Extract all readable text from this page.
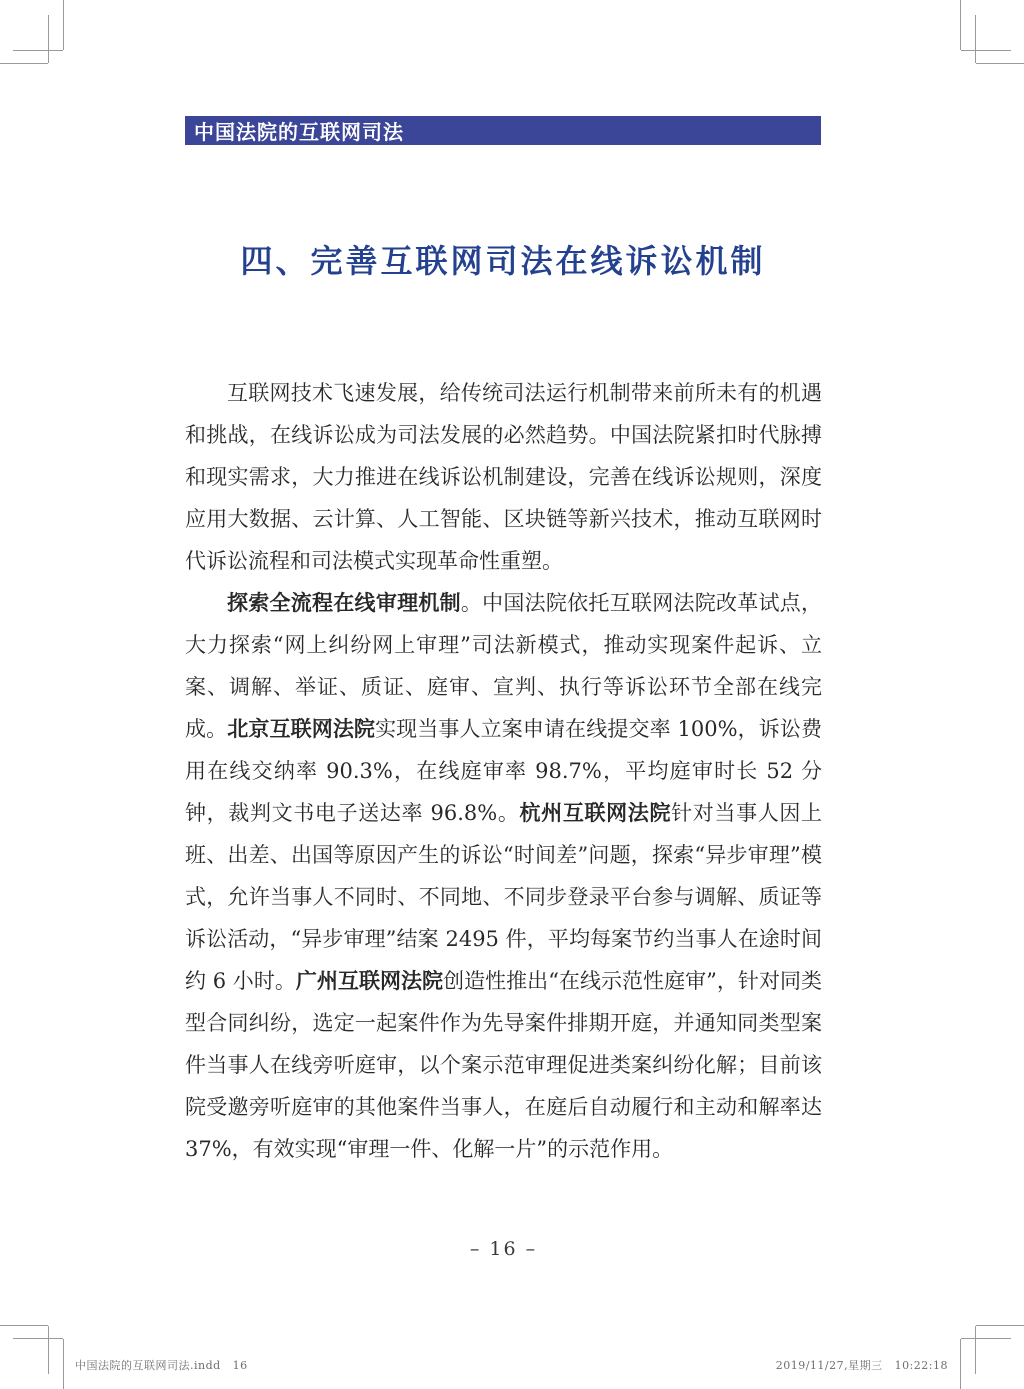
中国法院的互联网司法
四、完善互联网司法在线诉讼机制

互联网技术飞速发展，给传统司法运行机制带来前所未有的机遇和挑战，在线诉讼成为司法发展的必然趋势。中国法院紧扣时代脉搏和现实需求，大力推进在线诉讼机制建设，完善在线诉讼规则，深度应用大数据、云计算、人工智能、区块链等新兴技术，推动互联网时代诉讼流程和司法模式实现革命性重塑。

探索全流程在线审理机制。中国法院依托互联网法院改革试点，大力探索“网上纠纷网上审理”司法新模式，推动实现案件起诉、立案、调解、举证、质证、庭审、宣判、执行等诉讼环节全部在线完成。北京互联网法院实现当事人立案申请在线提交率 100%，诉讼费用在线交纳率 90.3%，在线庭审率 98.7%，平均庭审时长 52 分钟，裁判文书电子送达率 96.8%。杭州互联网法院针对当事人因上班、出差、出国等原因产生的诉讼“时间差”问题，探索“异步审理”模式，允许当事人不同时、不同地、不同步登录平台参与调解、质证等诉讼活动，“异步审理”结案 2495 件，平均每案节约当事人在途时间约 6 小时。广州互联网法院创造性推出“在线示范性庭审”，针对同类型合同纠纷，选定一起案件作为先导案件排期开庭，并通知同类型案件当事人在线旁听庭审，以个案示范审理促进类案纠纷化解；目前该院受邀旁听庭审的其他案件当事人，在庭后自动履行和主动和解率达 37%，有效实现“审理一件、化解一片”的示范作用。

– 16 –
中国法院的互联网司法.indd   16	2019/11/27,星期三   10:22:18
